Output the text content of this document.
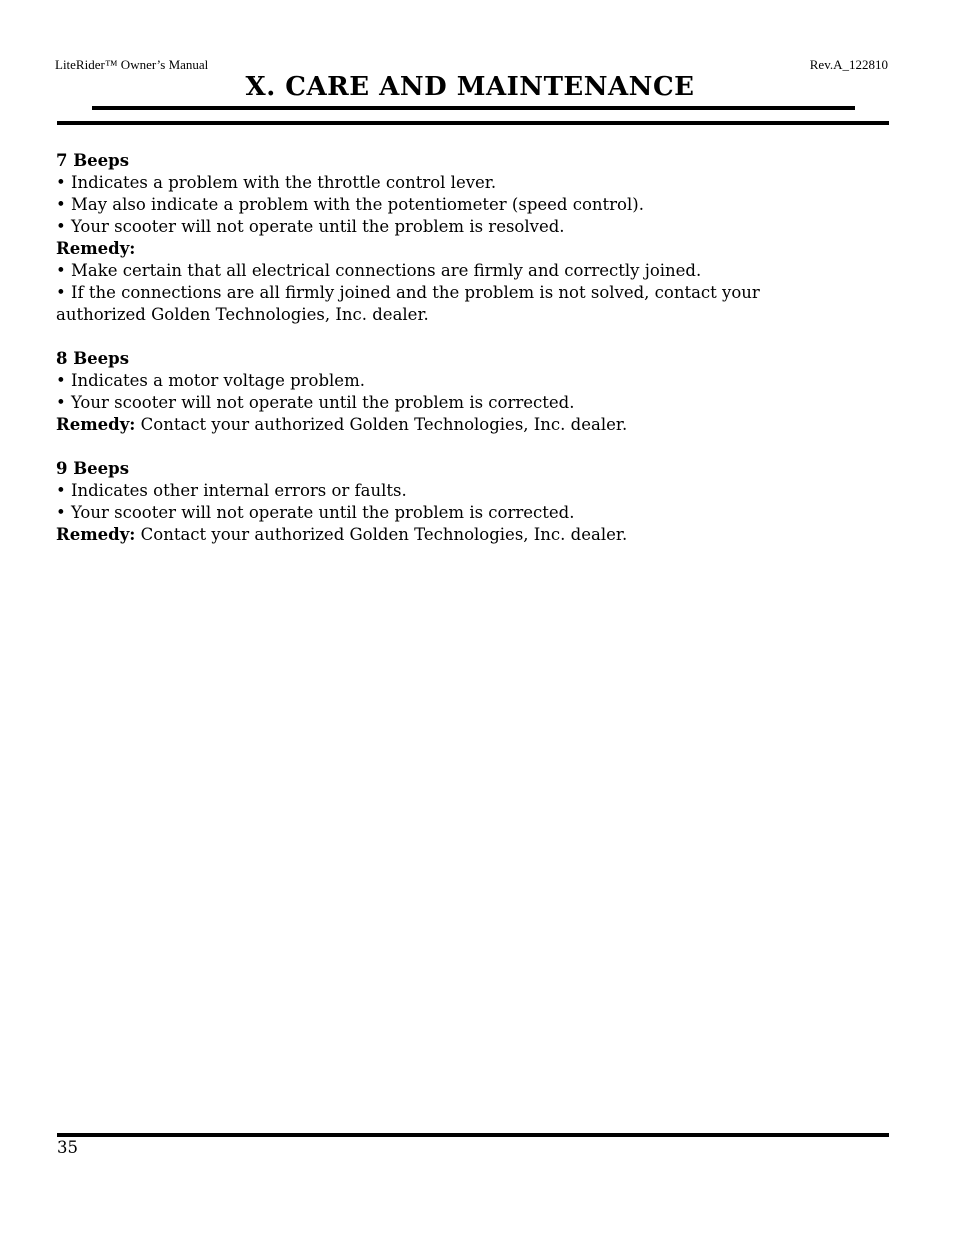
LiteRider™ Owner’s Manual	Rev.A_122810
X. CARE AND MAINTENANCE
7 Beeps
• Indicates a problem with the throttle control lever.
• May also indicate a problem with the potentiometer (speed control).
• Your scooter will not operate until the problem is resolved.
Remedy:
• Make certain that all electrical connections are firmly and correctly joined.
• If the connections are all firmly joined and the problem is not solved, contact your authorized Golden Technologies, Inc. dealer.
8 Beeps
• Indicates a motor voltage problem.
• Your scooter will not operate until the problem is corrected.
Remedy: Contact your authorized Golden Technologies, Inc. dealer.
9 Beeps
• Indicates other internal errors or faults.
• Your scooter will not operate until the problem is corrected.
Remedy: Contact your authorized Golden Technologies, Inc. dealer.
35
